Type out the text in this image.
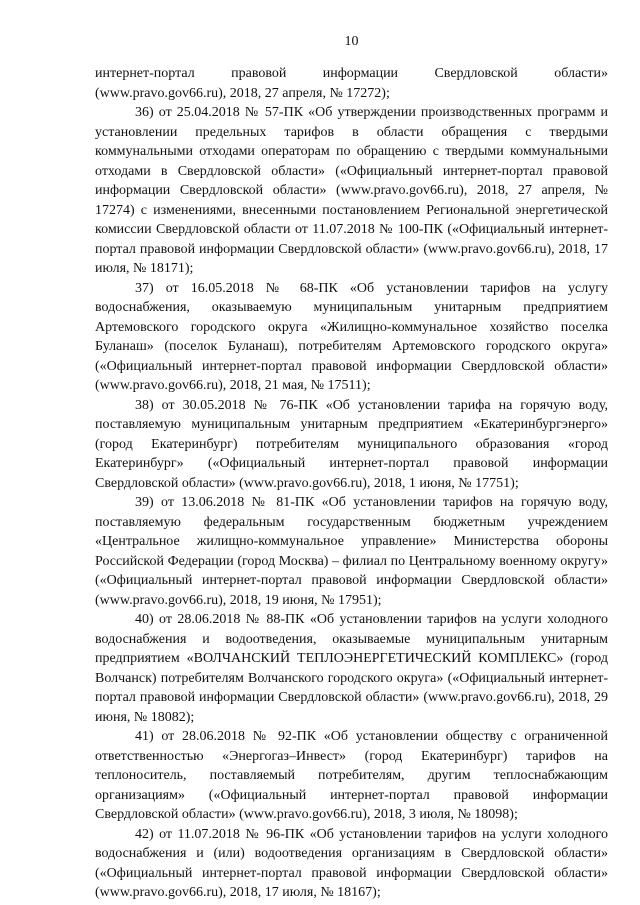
10

интернет-портал правовой информации Свердловской области» (www.pravo.gov66.ru), 2018, 27 апреля, № 17272);

36) от 25.04.2018 № 57-ПК «Об утверждении производственных программ и установлении предельных тарифов в области обращения с твердыми коммунальными отходами операторам по обращению с твердыми коммунальными отходами в Свердловской области» («Официальный интернет-портал правовой информации Свердловской области» (www.pravo.gov66.ru), 2018, 27 апреля, № 17274) с изменениями, внесенными постановлением Региональной энергетической комиссии Свердловской области от 11.07.2018 № 100-ПК («Официальный интернет-портал правовой информации Свердловской области» (www.pravo.gov66.ru), 2018, 17 июля, № 18171);

37) от 16.05.2018 № 68-ПК «Об установлении тарифов на услугу водоснабжения, оказываемую муниципальным унитарным предприятием Артемовского городского округа «Жилищно-коммунальное хозяйство поселка Буланаш» (поселок Буланаш), потребителям Артемовского городского округа» («Официальный интернет-портал правовой информации Свердловской области» (www.pravo.gov66.ru), 2018, 21 мая, № 17511);

38) от 30.05.2018 № 76-ПК «Об установлении тарифа на горячую воду, поставляемую муниципальным унитарным предприятием «Екатеринбургэнерго» (город Екатеринбург) потребителям муниципального образования «город Екатеринбург» («Официальный интернет-портал правовой информации Свердловской области» (www.pravo.gov66.ru), 2018, 1 июня, № 17751);

39) от 13.06.2018 № 81-ПК «Об установлении тарифов на горячую воду, поставляемую федеральным государственным бюджетным учреждением «Центральное жилищно-коммунальное управление» Министерства обороны Российской Федерации (город Москва) – филиал по Центральному военному округу» («Официальный интернет-портал правовой информации Свердловской области» (www.pravo.gov66.ru), 2018, 19 июня, № 17951);

40) от 28.06.2018 № 88-ПК «Об установлении тарифов на услуги холодного водоснабжения и водоотведения, оказываемые муниципальным унитарным предприятием «ВОЛЧАНСКИЙ ТЕПЛОЭНЕРГЕТИЧЕСКИЙ КОМПЛЕКС» (город Волчанск) потребителям Волчанского городского округа» («Официальный интернет-портал правовой информации Свердловской области» (www.pravo.gov66.ru), 2018, 29 июня, № 18082);

41) от 28.06.2018 № 92-ПК «Об установлении обществу с ограниченной ответственностью «Энергогаз–Инвест» (город Екатеринбург) тарифов на теплоноситель, поставляемый потребителям, другим теплоснабжающим организациям» («Официальный интернет-портал правовой информации Свердловской области» (www.pravo.gov66.ru), 2018, 3 июля, № 18098);

42) от 11.07.2018 № 96-ПК «Об установлении тарифов на услуги холодного водоснабжения и (или) водоотведения организациям в Свердловской области» («Официальный интернет-портал правовой информации Свердловской области» (www.pravo.gov66.ru), 2018, 17 июля, № 18167);
